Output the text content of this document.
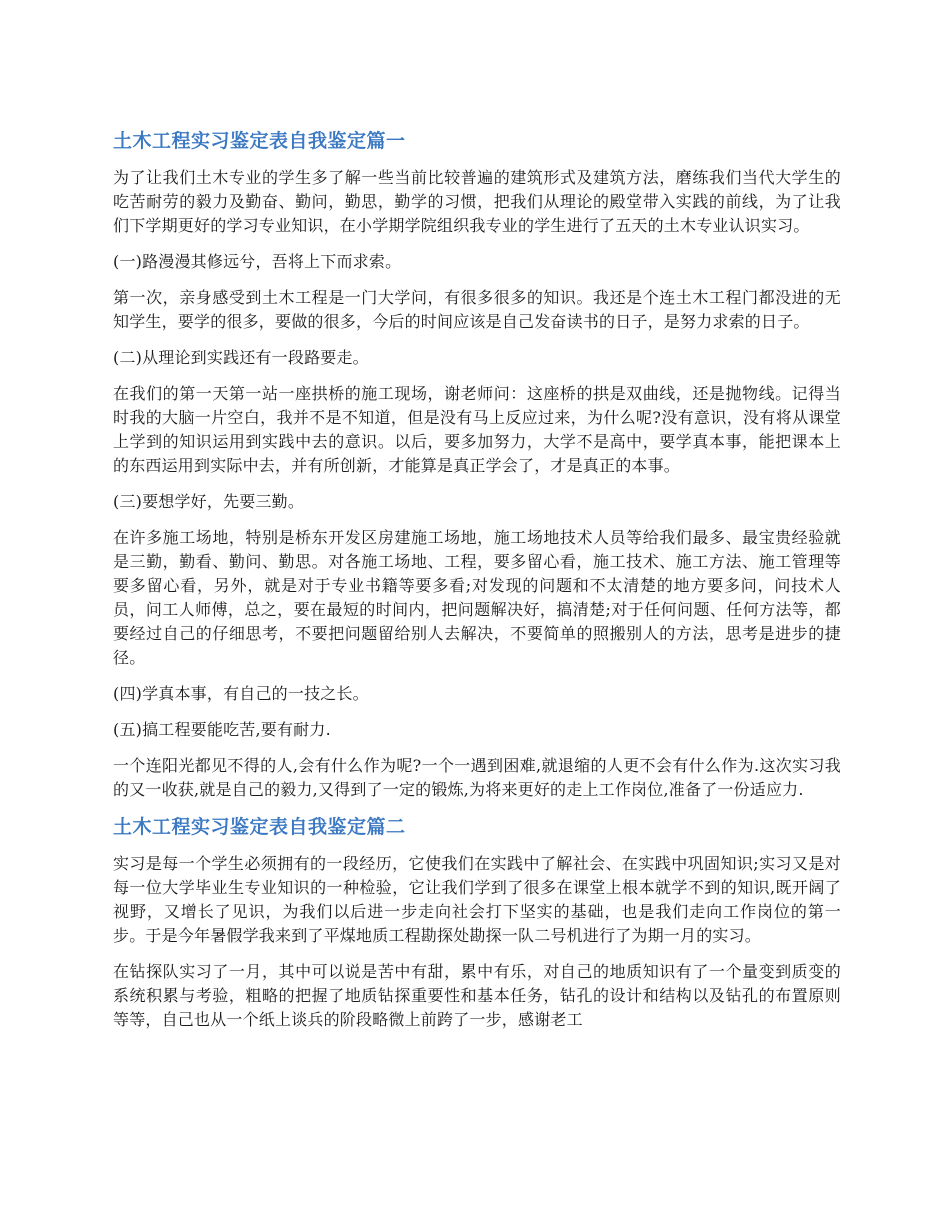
土木工程实习鉴定表自我鉴定篇一

为了让我们土木专业的学生多了解一些当前比较普遍的建筑形式及建筑方法，磨练我们当代大学生的吃苦耐劳的毅力及勤奋、勤问，勤思，勤学的习惯，把我们从理论的殿堂带入实践的前线，为了让我们下学期更好的学习专业知识，在小学期学院组织我专业的学生进行了五天的土木专业认识实习。

(一)路漫漫其修远兮，吾将上下而求索。

第一次，亲身感受到土木工程是一门大学问，有很多很多的知识。我还是个连土木工程门都没进的无知学生，要学的很多，要做的很多，今后的时间应该是自己发奋读书的日子，是努力求索的日子。

(二)从理论到实践还有一段路要走。

在我们的第一天第一站一座拱桥的施工现场，谢老师问：这座桥的拱是双曲线，还是抛物线。记得当时我的大脑一片空白，我并不是不知道，但是没有马上反应过来，为什么呢?没有意识，没有将从课堂上学到的知识运用到实践中去的意识。以后，要多加努力，大学不是高中，要学真本事，能把课本上的东西运用到实际中去，并有所创新，才能算是真正学会了，才是真正的本事。

(三)要想学好，先要三勤。

在许多施工场地，特别是桥东开发区房建施工场地，施工场地技术人员等给我们最多、最宝贵经验就是三勤，勤看、勤问、勤思。对各施工场地、工程，要多留心看，施工技术、施工方法、施工管理等要多留心看，另外，就是对于专业书籍等要多看;对发现的问题和不太清楚的地方要多问，问技术人员，问工人师傅，总之，要在最短的时间内，把问题解决好，搞清楚;对于任何问题、任何方法等，都要经过自己的仔细思考，不要把问题留给别人去解决，不要简单的照搬别人的方法，思考是进步的捷径。

(四)学真本事，有自己的一技之长。

(五)搞工程要能吃苦,要有耐力.

一个连阳光都见不得的人,会有什么作为呢?一个一遇到困难,就退缩的人更不会有什么作为.这次实习我的又一收获,就是自己的毅力,又得到了一定的锻炼,为将来更好的走上工作岗位,准备了一份适应力.

土木工程实习鉴定表自我鉴定篇二

实习是每一个学生必须拥有的一段经历，它使我们在实践中了解社会、在实践中巩固知识;实习又是对每一位大学毕业生专业知识的一种检验，它让我们学到了很多在课堂上根本就学不到的知识,既开阔了视野，又增长了见识，为我们以后进一步走向社会打下坚实的基础，也是我们走向工作岗位的第一步。于是今年暑假学我来到了平煤地质工程勘探处勘探一队二号机进行了为期一月的实习。

在钻探队实习了一月，其中可以说是苦中有甜，累中有乐，对自己的地质知识有了一个量变到质变的系统积累与考验，粗略的把握了地质钻探重要性和基本任务，钻孔的设计和结构以及钻孔的布置原则等等，自己也从一个纸上谈兵的阶段略微上前跨了一步，感谢老工
